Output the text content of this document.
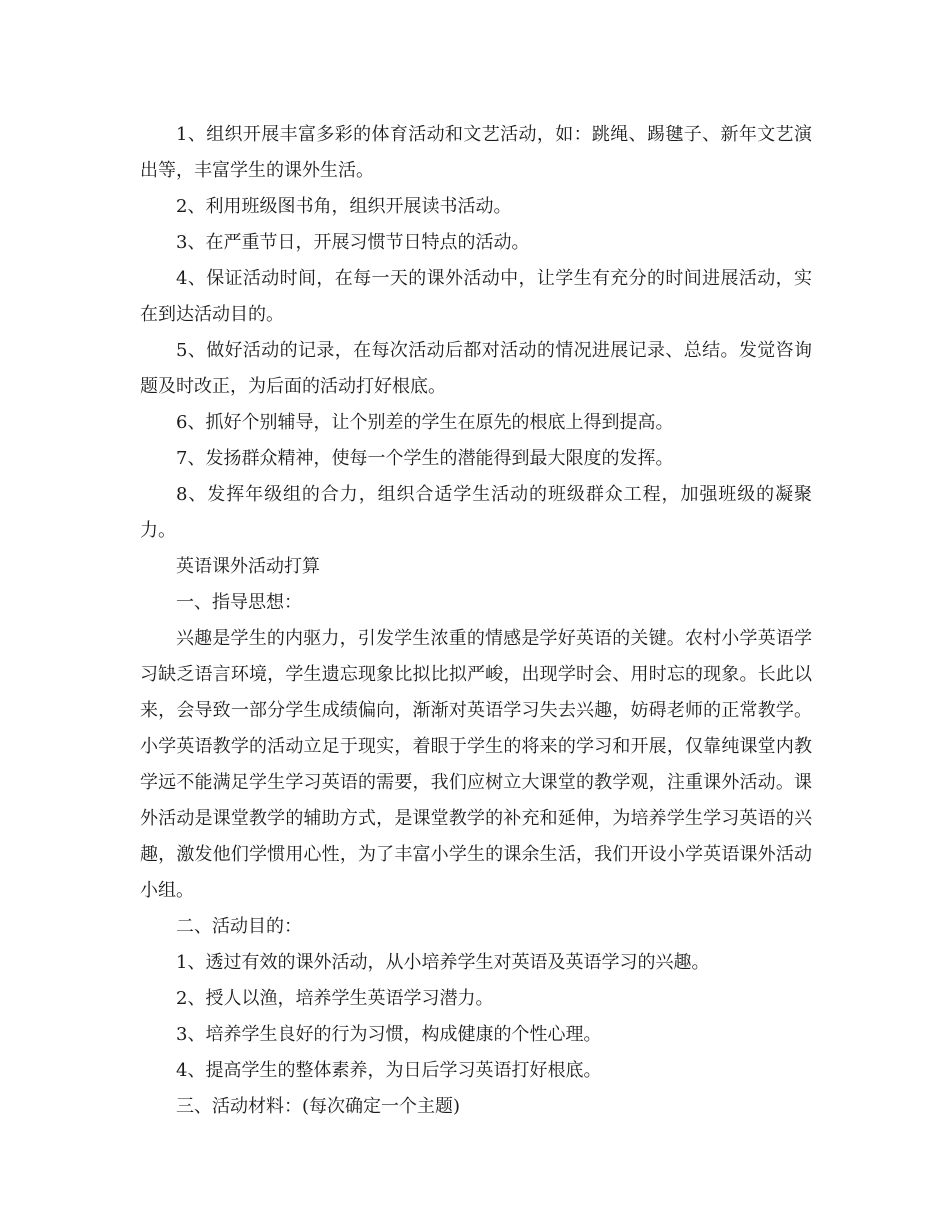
1、组织开展丰富多彩的体育活动和文艺活动，如：跳绳、踢毽子、新年文艺演出等，丰富学生的课外生活。

2、利用班级图书角，组织开展读书活动。

3、在严重节日，开展习惯节日特点的活动。

4、保证活动时间，在每一天的课外活动中，让学生有充分的时间进展活动，实在到达活动目的。

5、做好活动的记录，在每次活动后都对活动的情况进展记录、总结。发觉咨询题及时改正，为后面的活动打好根底。

6、抓好个别辅导，让个别差的学生在原先的根底上得到提高。

7、发扬群众精神，使每一个学生的潜能得到最大限度的发挥。

8、发挥年级组的合力，组织合适学生活动的班级群众工程，加强班级的凝聚力。

英语课外活动打算

一、指导思想：

兴趣是学生的内驱力，引发学生浓重的情感是学好英语的关键。农村小学英语学习缺乏语言环境，学生遗忘现象比拟比拟严峻，出现学时会、用时忘的现象。长此以来，会导致一部分学生成绩偏向，渐渐对英语学习失去兴趣，妨碍老师的正常教学。小学英语教学的活动立足于现实，着眼于学生的将来的学习和开展，仅靠纯课堂内教学远不能满足学生学习英语的需要，我们应树立大课堂的教学观，注重课外活动。课外活动是课堂教学的辅助方式，是课堂教学的补充和延伸，为培养学生学习英语的兴趣，激发他们学惯用心性，为了丰富小学生的课余生活，我们开设小学英语课外活动小组。

二、活动目的：

1、透过有效的课外活动，从小培养学生对英语及英语学习的兴趣。

2、授人以渔，培养学生英语学习潜力。

3、培养学生良好的行为习惯，构成健康的个性心理。

4、提高学生的整体素养，为日后学习英语打好根底。

三、活动材料：(每次确定一个主题)
